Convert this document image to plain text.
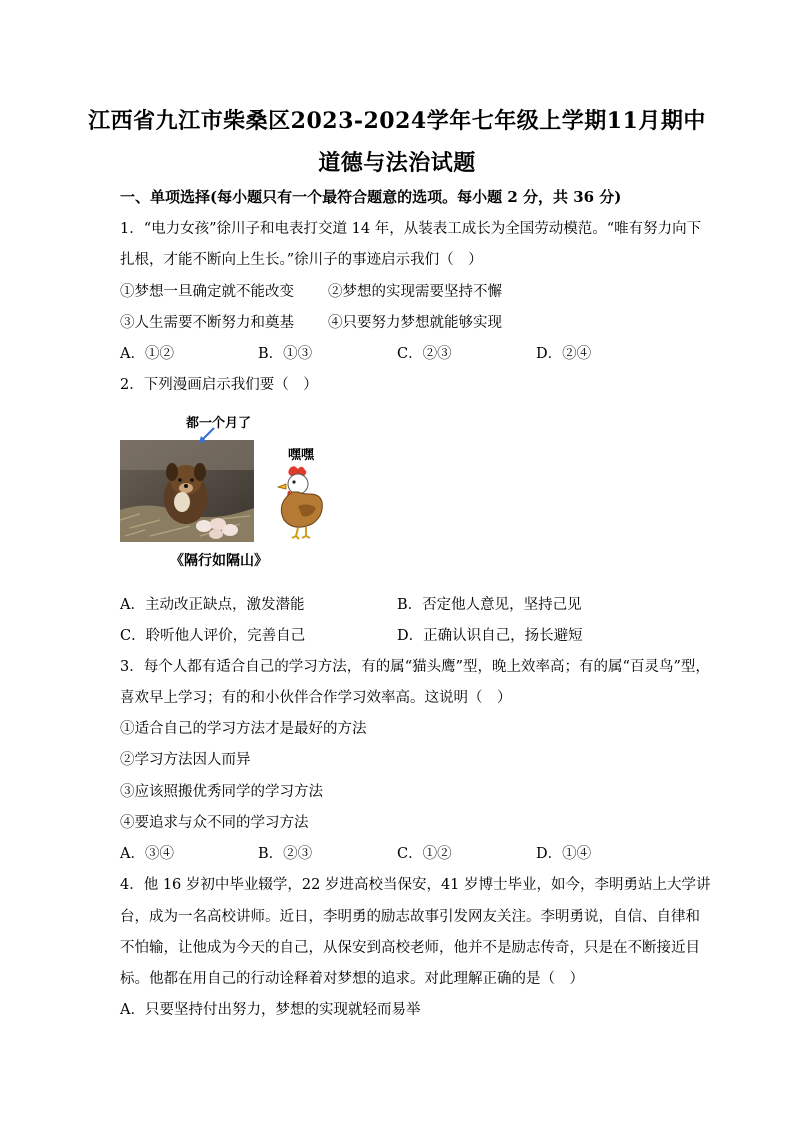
江西省九江市柴桑区2023-2024学年七年级上学期11月期中
道德与法治试题
一、单项选择(每小题只有一个最符合题意的选项。每小题 2 分，共 36 分)
1．“电力女孩”徐川子和电表打交道 14 年，从装表工成长为全国劳动模范。“唯有努力向下
扎根，才能不断向上生长。”徐川子的事迹启示我们（　）
①梦想一旦确定就不能改变 ②梦想的实现需要坚持不懈
③人生需要不断努力和奠基 ④只要努力梦想就能够实现
A．①②	B．①③	C．②③	D．②④
2．下列漫画启示我们要（　）
都一个月了
嘿嘿
《隔行如隔山》
A．主动改正缺点，激发潜能	B．否定他人意见，坚持己见
C．聆听他人评价，完善自己	D．正确认识自己，扬长避短
3．每个人都有适合自己的学习方法，有的属“猫头鹰”型，晚上效率高；有的属“百灵鸟”型，
喜欢早上学习；有的和小伙伴合作学习效率高。这说明（　）
①适合自己的学习方法才是最好的方法
②学习方法因人而异
③应该照搬优秀同学的学习方法
④要追求与众不同的学习方法
A．③④	B．②③	C．①②	D．①④
4．他 16 岁初中毕业辍学，22 岁进高校当保安，41 岁博士毕业，如今，李明勇站上大学讲
台，成为一名高校讲师。近日，李明勇的励志故事引发网友关注。李明勇说，自信、自律和
不怕输，让他成为今天的自己，从保安到高校老师，他并不是励志传奇，只是在不断接近目
标。他都在用自己的行动诠释着对梦想的追求。对此理解正确的是（　）
A．只要坚持付出努力，梦想的实现就轻而易举
